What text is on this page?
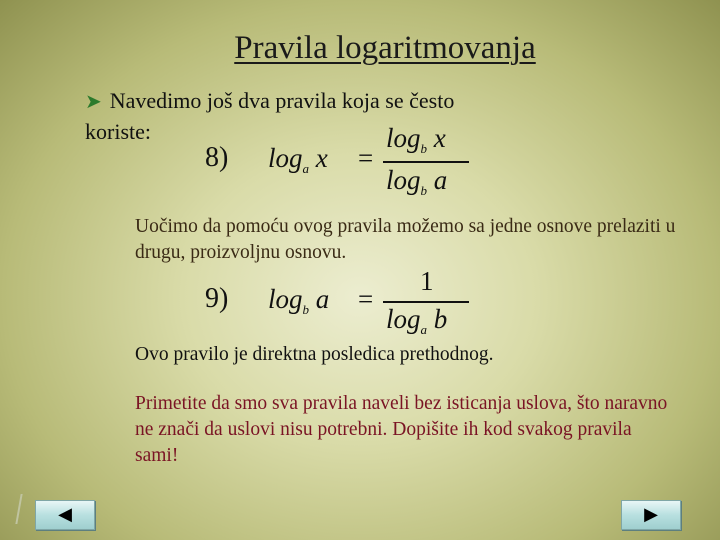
Pravila logaritmovanja
➤ Navedimo još dva pravila koja se često
koriste:
8) $\log_a x$ =
$\log_b x$
$\log_b a$
Uočimo da pomoću ovog pravila možemo sa jedne osnove prelaziti u drugu, proizvoljnu osnovu.
9) $\log_b a$ =
1
$\log_a b$
Ovo pravilo je direktna posledica prethodnog.
Primetite da smo sva pravila naveli bez isticanja uslova, što naravno ne znači da uslovi nisu potrebni. Dopišite ih kod svakog pravila sami!
◀	▶
